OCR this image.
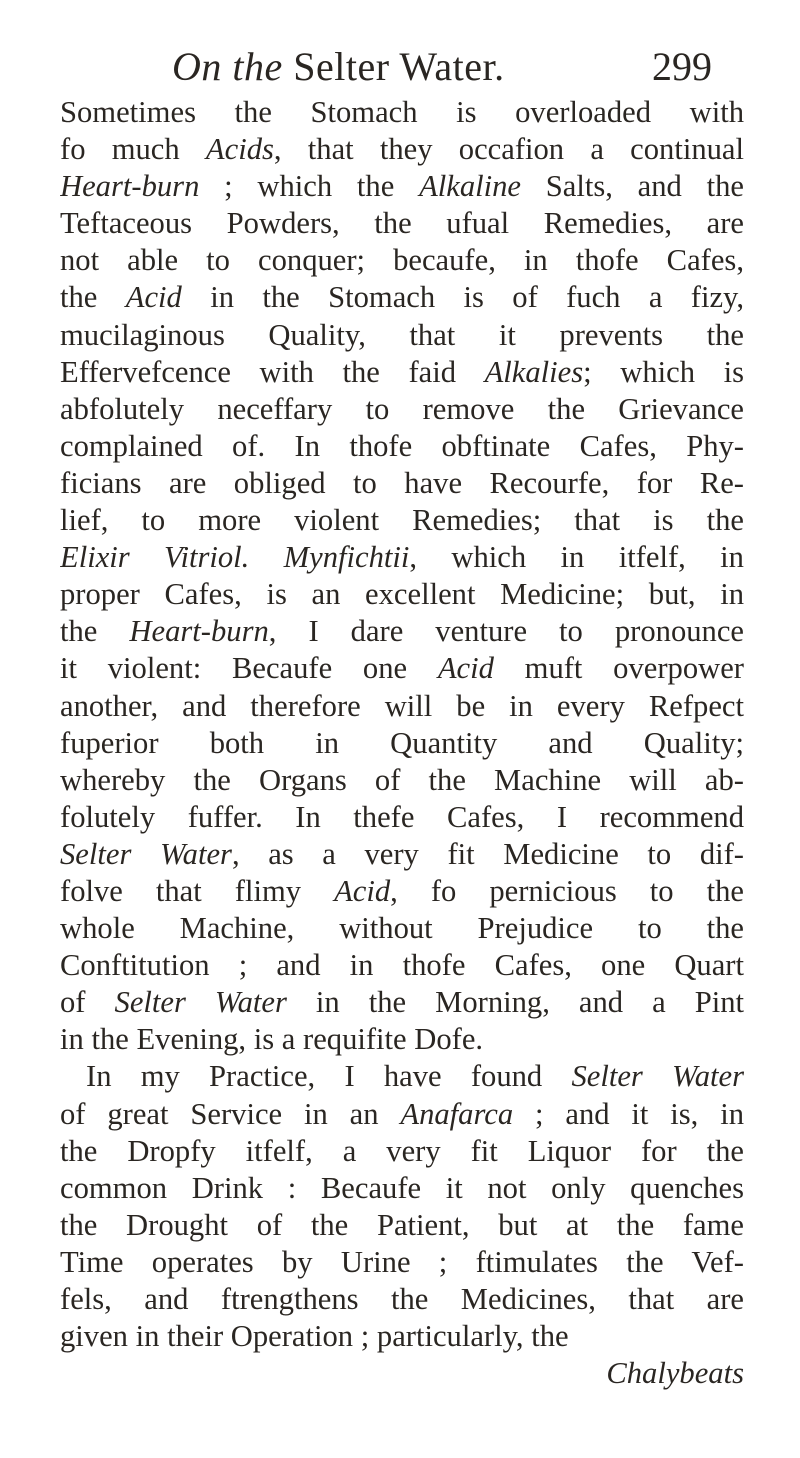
On the Selter Water.	299
Sometimes the Stomach is overloaded with
fo much Acids, that they occafion a continual
Heart-burn ; which the Alkaline Salts, and the
Teftaceous Powders, the ufual Remedies, are
not able to conquer; becaufe, in thofe Cafes,
the Acid in the Stomach is of fuch a fizy,
mucilaginous Quality, that it prevents the
Effervefcence with the faid Alkalies; which is
abfolutely neceffary to remove the Grievance
complained of. In thofe obftinate Cafes, Phy-
ficians are obliged to have Recourfe, for Re-
lief, to more violent Remedies; that is the
Elixir Vitriol. Mynfichtii, which in itfelf, in
proper Cafes, is an excellent Medicine; but, in
the Heart-burn, I dare venture to pronounce
it violent: Becaufe one Acid muft overpower
another, and therefore will be in every Refpect
fuperior both in Quantity and Quality;
whereby the Organs of the Machine will ab-
folutely fuffer. In thefe Cafes, I recommend
Selter Water, as a very fit Medicine to dif-
folve that flimy Acid, fo pernicious to the
whole Machine, without Prejudice to the
Conftitution ; and in thofe Cafes, one Quart
of Selter Water in the Morning, and a Pint
in the Evening, is a requifite Dofe.
In my Practice, I have found Selter Water
of great Service in an Anafarca ; and it is, in
the Dropfy itfelf, a very fit Liquor for the
common Drink : Becaufe it not only quenches
the Drought of the Patient, but at the fame
Time operates by Urine ; ftimulates the Vef-
fels, and ftrengthens the Medicines, that are
given in their Operation ; particularly, the
Chalybeats
